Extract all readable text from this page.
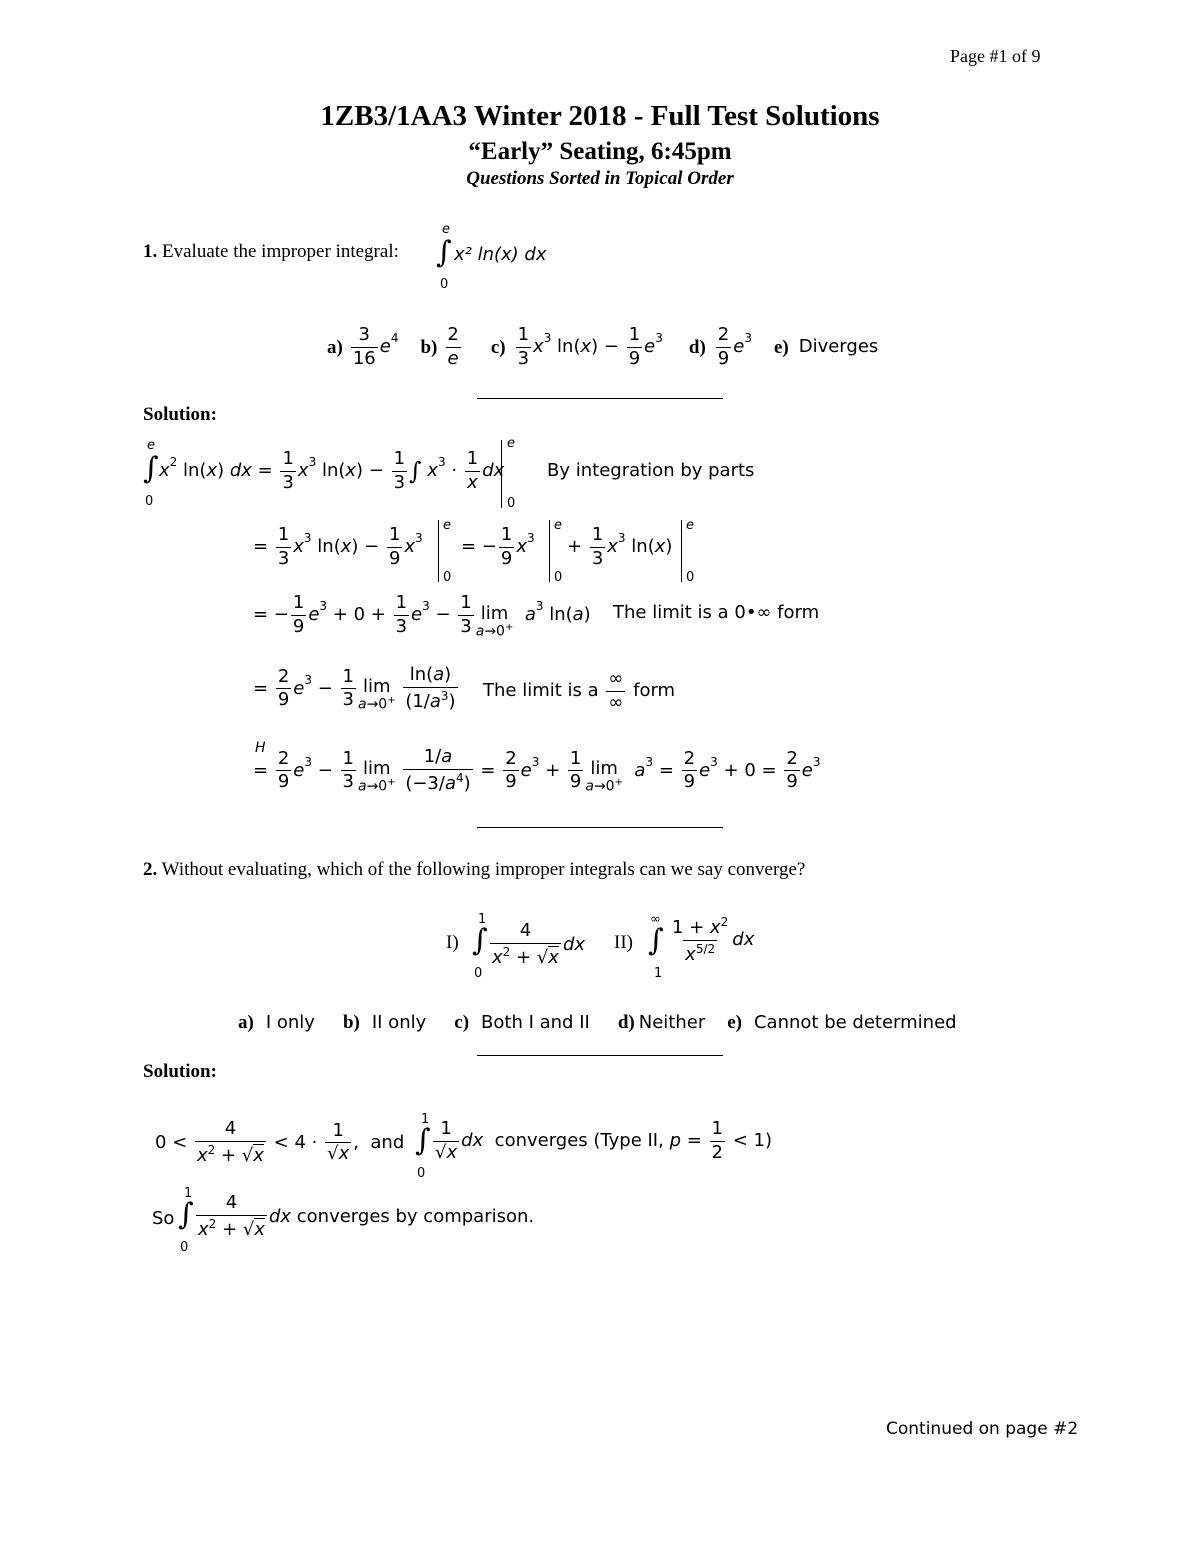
Page #1 of 9
1ZB3/1AA3 Winter 2018 - Full Test Solutions
“Early” Seating, 6:45pm
Questions Sorted in Topical Order
1. Evaluate the improper integral:
e
∫
0
x² ln(x) dx
$a) \frac{3}{16}$ e 4 $b) \frac{2}{e} c) \frac{1}{3}$ x 3 ln( x ) − $\frac{1}{9}$ e 3 $d) \frac{2}{9}$ e 3 e) Diverges
Solution:
e
∫
0
x 2 ln( x ) dx = $\frac{1}{3}$ x 3 ln( x ) − $\frac{1}{3}$ ∫
x $3 \cdot \frac{1}{x}$ dx
e
0
By integration by parts
= $\frac{1}{3}$ x 3 ln( x ) − $\frac{1}{9}$ x 3
e
0
= − $\frac{1}{9}$ x 3
e
0
+ $\frac{1}{3}$ x 3 ln( x )
e
0
= − $\frac{1}{9}$ e $3 + 0 + \frac{1}{3}$ e $3 - \frac{1}{3}$ lim
a→0+

a 3 ln( a ) The limit is a 0•∞ form
= $\frac{2}{9}$ e $3 - \frac{1}{3}$ lim
a→0+
$\frac{\ln(a)}{(1/a^3)}$ The limit is a
$\frac{\infty}{\infty}$
form
H
= $\frac{2}{9}$ e $3 - \frac{1}{3}$ lim
a→0+
$\frac{1/a}{(-3/a^4)} = \frac{2}{9}$ e $3 + \frac{1}{9}$ lim
a→0+

a $3 = \frac{2}{9}$ e $3 + 0 = \frac{2}{9}$ e 3
2. Without evaluating, which of the following improper integrals can we say converge?
I)
1
∫
0
$\frac{4}{x^2 + √x}$ dx II)
∞
∫
1
$\frac{1 + x^2}{x^{5/2}}$ dx
a) I only b) II only c) Both I and II d) Neither e) Cannot be determined
Solution:
$0 < \frac{4}{x^2 + √x} < 4 \cdot \frac{1}{√x}$ , and
1
∫
0
$\frac{1}{√x}$ dx
converges (Type II,
$p = \frac{1}{2} < 1$)
So
1
∫
0
$\frac{4}{x^2 + √x}$ dx
converges by comparison.
Continued on page #2
